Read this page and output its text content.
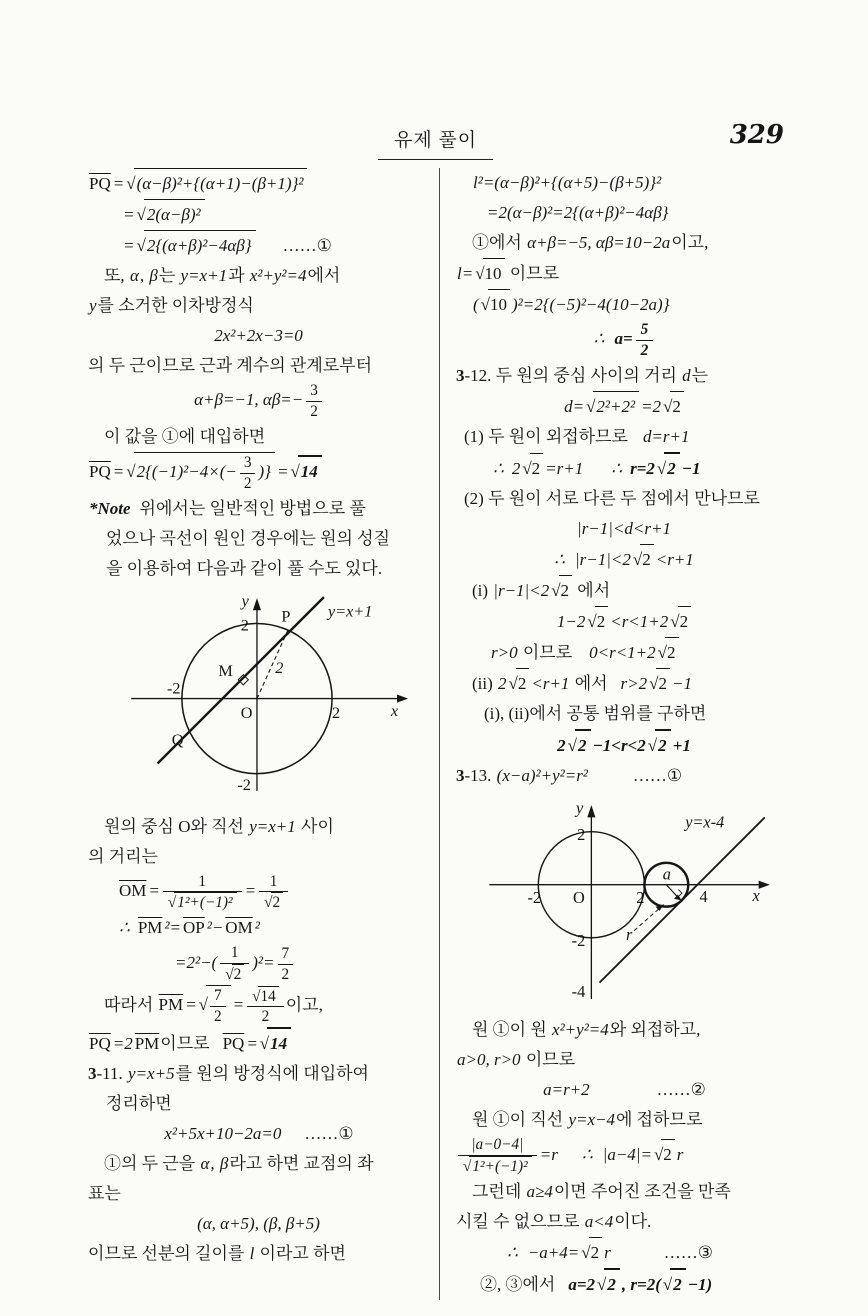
유제 풀이	329
$\overline{PQ} = √(\alpha-\beta)^2+\{(\alpha+1)-(\beta+1)\}^2$
= √2(α−β)²
= √2{(α+β)²−4αβ} ……①
또, α, β는 y=x+1과 x²+y²=4에서
y를 소거한 이차방정식
2x²+2x−3=0
의 두 근이므로 근과 계수의 관계로부터
α+β=−1, $\alpha\beta=- \frac{3}{2}$
이 값을 ①에 대입하면
$\overline{PQ} = √2\{(-1)^2-4\times(- \frac{3}{2}$ )} = √14
*Note 위에서는 일반적인 방법으로 풀
었으나 곡선이 원인 경우에는 원의 성질
을 이용하여 다음과 같이 풀 수도 있다.
y
x
y=x+1
P
Q
M
O
2
2
-2
2
-2
원의 중심 O와 직선 y=x+1 사이
의 거리는
$\overline{OM} = \frac{1}{\text{√1²+(−1)²}} = \frac{1}{√2}$
∴ $\overline{PM}$ $^2= \overline{OP}$ $^2- \overline{OM}$ ²
$=2^2-( \frac{1}{√2} )^2= \frac{7}{2}$
따라서 $\overline{PM}$ = √ $\frac{7}{2} = \frac{√14}{2}$ 이고,
$\overline{PQ} =2$ $\overline{PM}$이므로 $\overline{PQ} = √14$
3-11. y=x+5를 원의 방정식에 대입하여
정리하면
x²+5x+10−2a=0 ……①
①의 두 근을 α, β라고 하면 교점의 좌
표는
(α, α+5), (β, β+5)
이므로 선분의 길이를 l 이라고 하면
l²=(α−β)²+{(α+5)−(β+5)}²
=2(α−β)²=2{(α+β)²−4αβ}
①에서 α+β=−5, αβ=10−2a이고,
l= √10 이므로
( √10 )²=2{(−5)²−4(10−2a)}
∴ $a= \frac{5}{2}$
3-12. 두 원의 중심 사이의 거리 d는
d= √2²+2² =2 √2
(1) 두 원이 외접하므로 d=r+1
∴ 2 √2 =r+1 ∴ r=2 √2 −1
(2) 두 원이 서로 다른 두 점에서 만나므로
|r−1|<d<r+1
∴ |r−1|<2 √2 <r+1
(i) |r−1|<2 √2 에서
1−2 √2 <r<1+2 √2
r>0 이므로 0<r<1+2 √2
(ii) 2 √2 <r+1 에서 r>2 √2 −1
(i), (ii)에서 공통 범위를 구하면
2 √2 −1<r<2 √2 +1
3-13. (x−a)²+y²=r²	……①
y
x
y=x-4
O
a
r
-2	2	4
2
-2
-4
원 ①이 원 x²+y²=4와 외접하고,
a>0, r>0 이므로
a=r+2	……②
원 ①이 직선 y=x−4에 접하므로
$\frac{|a-0-4|}{\text{√1²+(−1)²}} =r$ ∴ |a−4|= √2 r
그런데 a≥4이면 주어진 조건을 만족
시킬 수 없으므로 a<4이다.
∴ −a+4= √2 r	……③
②, ③에서 a=2 √2 , r=2( √2 −1)
